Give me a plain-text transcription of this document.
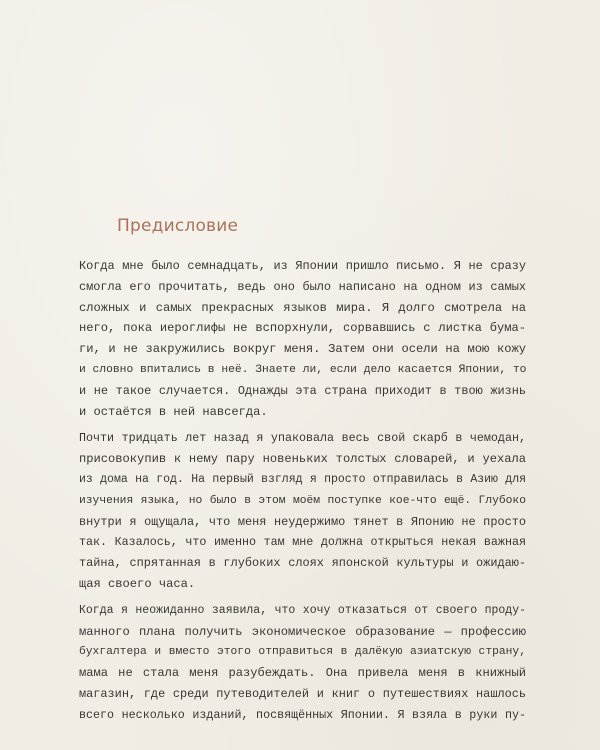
Предисловие
Когда мне было семнадцать, из Японии пришло письмо. Я не сразу
смогла его прочитать, ведь оно было написано на одном из самых
сложных и самых прекрасных языков мира. Я долго смотрела на
него, пока иероглифы не вспорхнули, сорвавшись с листка бума-
ги, и не закружились вокруг меня. Затем они осели на мою кожу
и словно впитались в неё. Знаете ли, если дело касается Японии, то
и не такое случается. Однажды эта страна приходит в твою жизнь
и остаётся в ней навсегда.
Почти тридцать лет назад я упаковала весь свой скарб в чемодан,
присовокупив к нему пару новеньких толстых словарей, и уехала
из дома на год. На первый взгляд я просто отправилась в Азию для
изучения языка, но было в этом моём поступке кое-что ещё. Глубоко
внутри я ощущала, что меня неудержимо тянет в Японию не просто
так. Казалось, что именно там мне должна открыться некая важная
тайна, спрятанная в глубоких слоях японской культуры и ожидаю-
щая своего часа.
Когда я неожиданно заявила, что хочу отказаться от своего проду-
манного плана получить экономическое образование — профессию
бухгалтера и вместо этого отправиться в далёкую азиатскую страну,
мама не стала меня разубеждать. Она привела меня в книжный
магазин, где среди путеводителей и книг о путешествиях нашлось
всего несколько изданий, посвящённых Японии. Я взяла в руки пу-
